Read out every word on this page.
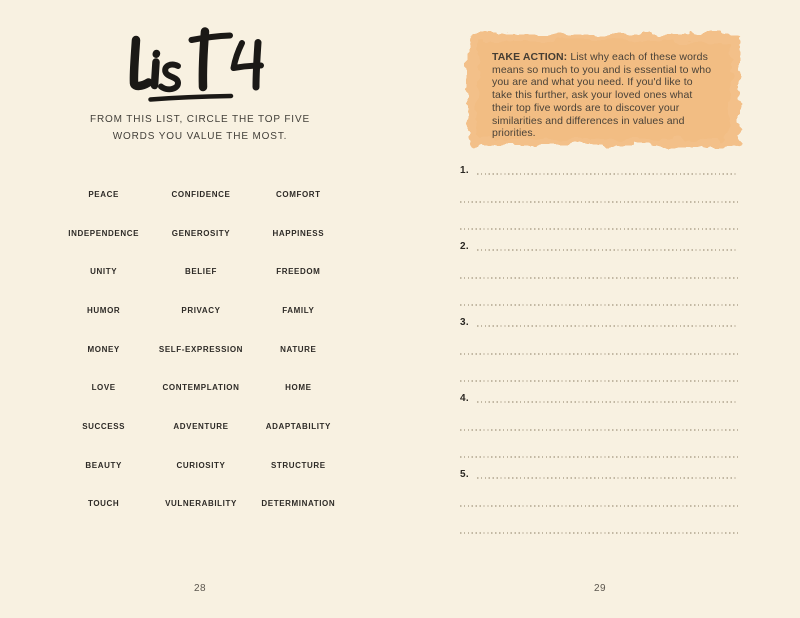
FROM THIS LIST, CIRCLE THE TOP FIVE WORDS YOU VALUE THE MOST.
PEACE	CONFIDENCE	COMFORT
INDEPENDENCE	GENEROSITY	HAPPINESS
UNITY	BELIEF	FREEDOM
HUMOR	PRIVACY	FAMILY
MONEY	SELF-EXPRESSION	NATURE
LOVE	CONTEMPLATION	HOME
SUCCESS	ADVENTURE	ADAPTABILITY
BEAUTY	CURIOSITY	STRUCTURE
TOUCH	VULNERABILITY	DETERMINATION
28
TAKE ACTION: List why each of these words means so much to you and is essential to who you are and what you need. If you'd like to take this further, ask your loved ones what their top five words are to discover your similarities and differences in values and priorities.
1.
2.
3.
4.
5.
29
